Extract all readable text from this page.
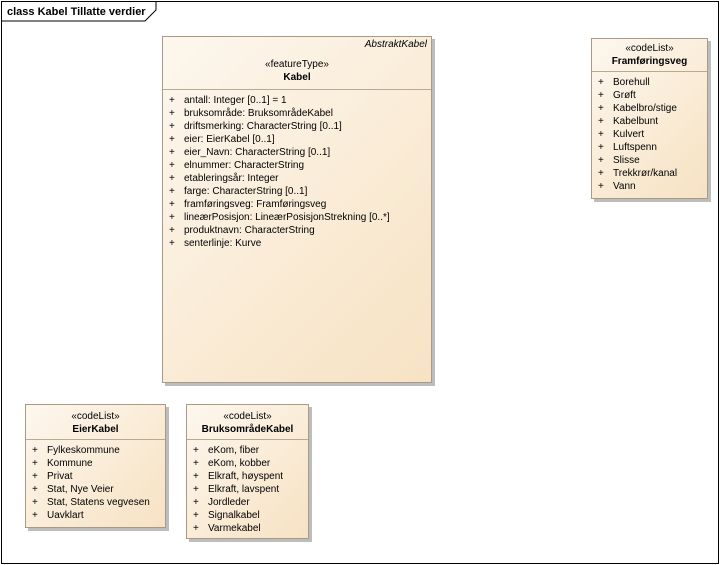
class Kabel Tillatte verdier
AbstraktKabel
«featureType»
Kabel
+ antall: Integer [0..1] = 1
+ bruksområde: BruksområdeKabel
+ driftsmerking: CharacterString [0..1]
+ eier: EierKabel [0..1]
+ eier_Navn: CharacterString [0..1]
+ elnummer: CharacterString
+ etableringsår: Integer
+ farge: CharacterString [0..1]
+ framføringsveg: Framføringsveg
+ lineærPosisjon: LineærPosisjonStrekning [0..*]
+ produktnavn: CharacterString
+ senterlinje: Kurve
«codeList»
Framføringsveg
+ Borehull
+ Grøft
+ Kabelbro/stige
+ Kabelbunt
+ Kulvert
+ Luftspenn
+ Slisse
+ Trekkrør/kanal
+ Vann
«codeList»
EierKabel
+ Fylkeskommune
+ Kommune
+ Privat
+ Stat, Nye Veier
+ Stat, Statens vegvesen
+ Uavklart
«codeList»
BruksområdeKabel
+ eKom, fiber
+ eKom, kobber
+ Elkraft, høyspent
+ Elkraft, lavspent
+ Jordleder
+ Signalkabel
+ Varmekabel
